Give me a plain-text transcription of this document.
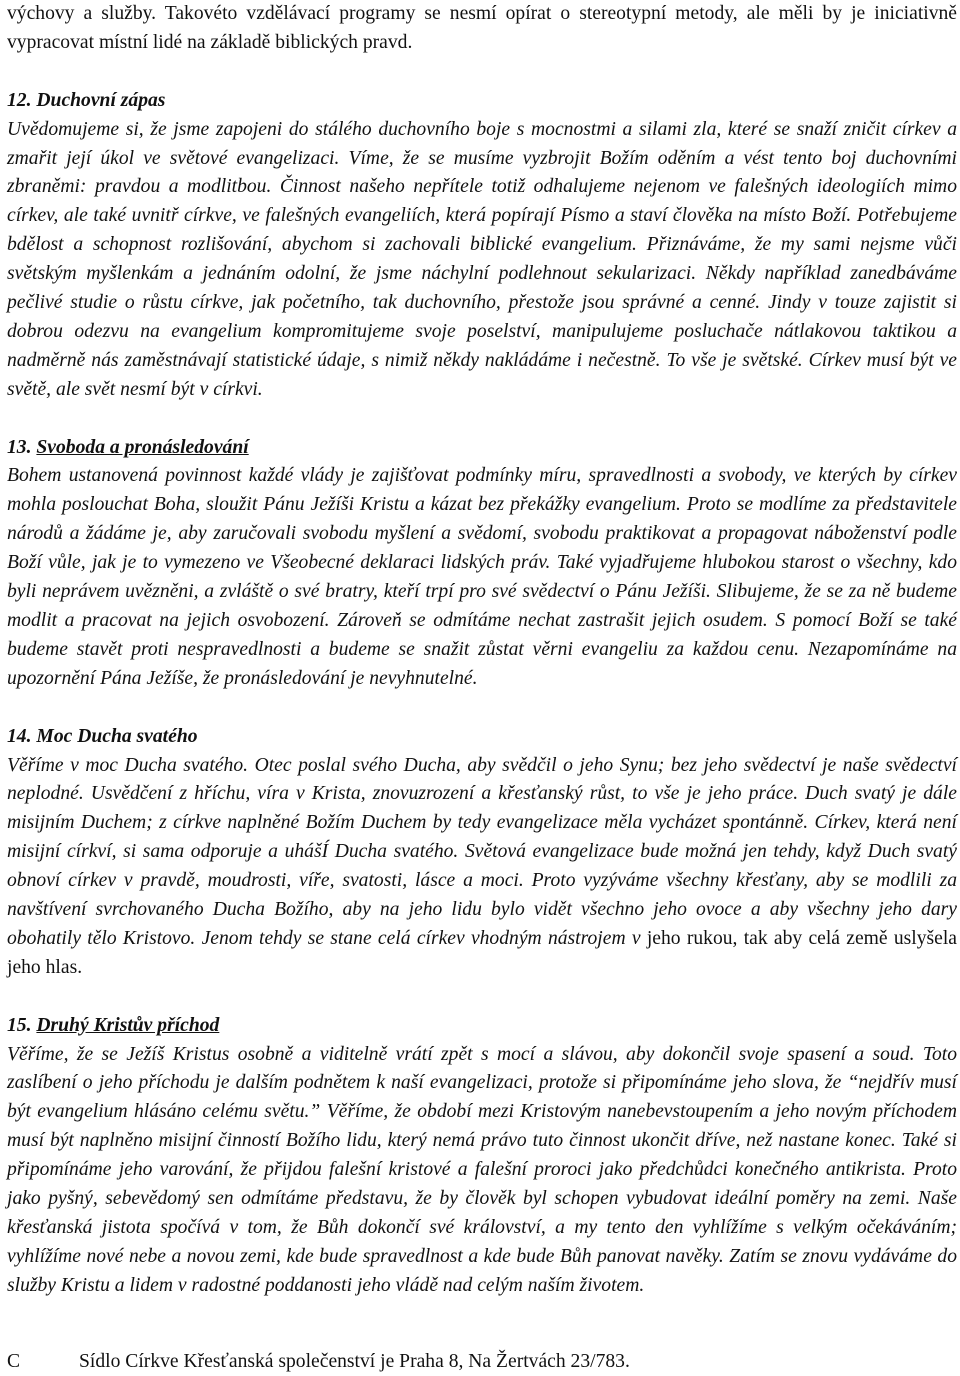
výchovy a služby. Takovéto vzdělávací programy se nesmí opírat o stereotypní metody, ale měli by je iniciativně vypracovat místní lidé na základě biblických pravd.

12. Duchovní zápas

Uvědomujeme si, že jsme zapojeni do stálého duchovního boje s mocnostmi a silami zla, které se snaží zničit církev a zmařit její úkol ve světové evangelizaci. Víme, že se musíme vyzbrojit Božím oděním a vést tento boj duchovními zbraněmi: pravdou a modlitbou. Činnost našeho nepřítele totiž odhalujeme nejenom ve falešných ideologiích mimo církev, ale také uvnitř církve, ve falešných evangeliích, která popírají Písmo a staví člověka na místo Boží. Potřebujeme bdělost a schopnost rozlišování, abychom si zachovali biblické evangelium. Přiznáváme, že my sami nejsme vůči světským myšlenkám a jednáním odolní, že jsme náchylní podlehnout sekularizaci. Někdy například zanedbáváme pečlivé studie o růstu církve, jak početního, tak duchovního, přestože jsou správné a cenné. Jindy v touze zajistit si dobrou odezvu na evangelium kompromitujeme svoje poselství, manipulujeme posluchače nátlakovou taktikou a nadměrně nás zaměstnávají statistické údaje, s nimiž někdy nakládáme i nečestně. To vše je světské. Církev musí být ve světě, ale svět nesmí být v církvi.

13. Svoboda a pronásledování

Bohem ustanovená povinnost každé vlády je zajišťovat podmínky míru, spravedlnosti a svobody, ve kterých by církev mohla poslouchat Boha, sloužit Pánu Ježíši Kristu a kázat bez překážky evangelium. Proto se modlíme za představitele národů a žádáme je, aby zaručovali svobodu myšlení a svědomí, svobodu praktikovat a propagovat náboženství podle Boží vůle, jak je to vymezeno ve Všeobecné deklaraci lidských práv. Také vyjadřujeme hlubokou starost o všechny, kdo byli neprávem uvězněni, a zvláště o své bratry, kteří trpí pro své svědectví o Pánu Ježíši. Slibujeme, že se za ně budeme modlit a pracovat na jejich osvobození. Zároveň se odmítáme nechat zastrašit jejich osudem. S pomocí Boží se také budeme stavět proti nespravedlnosti a budeme se snažit zůstat věrni evangeliu za každou cenu. Nezapomínáme na upozornění Pána Ježíše, že pronásledování je nevyhnutelné.

14. Moc Ducha svatého

Věříme v moc Ducha svatého. Otec poslal svého Ducha, aby svědčil o jeho Synu; bez jeho svědectví je naše svědectví neplodné. Usvědčení z hříchu, víra v Krista, znovuzrození a křesťanský růst, to vše je jeho práce. Duch svatý je dále misijním Duchem; z církve naplněné Božím Duchem by tedy evangelizace měla vycházet spontánně. Církev, která není misijní církví, si sama odporuje a uhášÍ Ducha svatého. Světová evangelizace bude možná jen tehdy, když Duch svatý obnoví církev v pravdě, moudrosti, víře, svatosti, lásce a moci. Proto vyzýváme všechny křesťany, aby se modlili za navštívení svrchovaného Ducha Božího, aby na jeho lidu bylo vidět všechno jeho ovoce a aby všechny jeho dary obohatily tělo Kristovo. Jenom tehdy se stane celá církev vhodným nástrojem v jeho rukou, tak aby celá země uslyšela jeho hlas.

15. Druhý Kristův příchod

Věříme, že se Ježíš Kristus osobně a viditelně vrátí zpět s mocí a slávou, aby dokončil svoje spasení a soud. Toto zaslíbení o jeho příchodu je dalším podnětem k naší evangelizaci, protože si připomínáme jeho slova, že “nejdřív musí být evangelium hlásáno celému světu.” Věříme, že období mezi Kristovým nanebevstoupením a jeho novým příchodem musí být naplněno misijní činností Božího lidu, který nemá právo tuto činnost ukončit dříve, než nastane konec. Také si připomínáme jeho varování, že přijdou falešní kristové a falešní proroci jako předchůdci konečného antikrista. Proto jako pyšný, sebevědomý sen odmítáme představu, že by člověk byl schopen vybudovat ideální poměry na zemi. Naše křesťanská jistota spočívá v tom, že Bůh dokončí své království, a my tento den vyhlížíme s velkým očekáváním; vyhlížíme nové nebe a novou zemi, kde bude spravedlnost a kde bude Bůh panovat navěky. Zatím se znovu vydáváme do služby Kristu a lidem v radostné poddanosti jeho vládě nad celým naším životem.

C	Sídlo Církve Křesťanská společenství je Praha 8, Na Žertvách 23/783.
